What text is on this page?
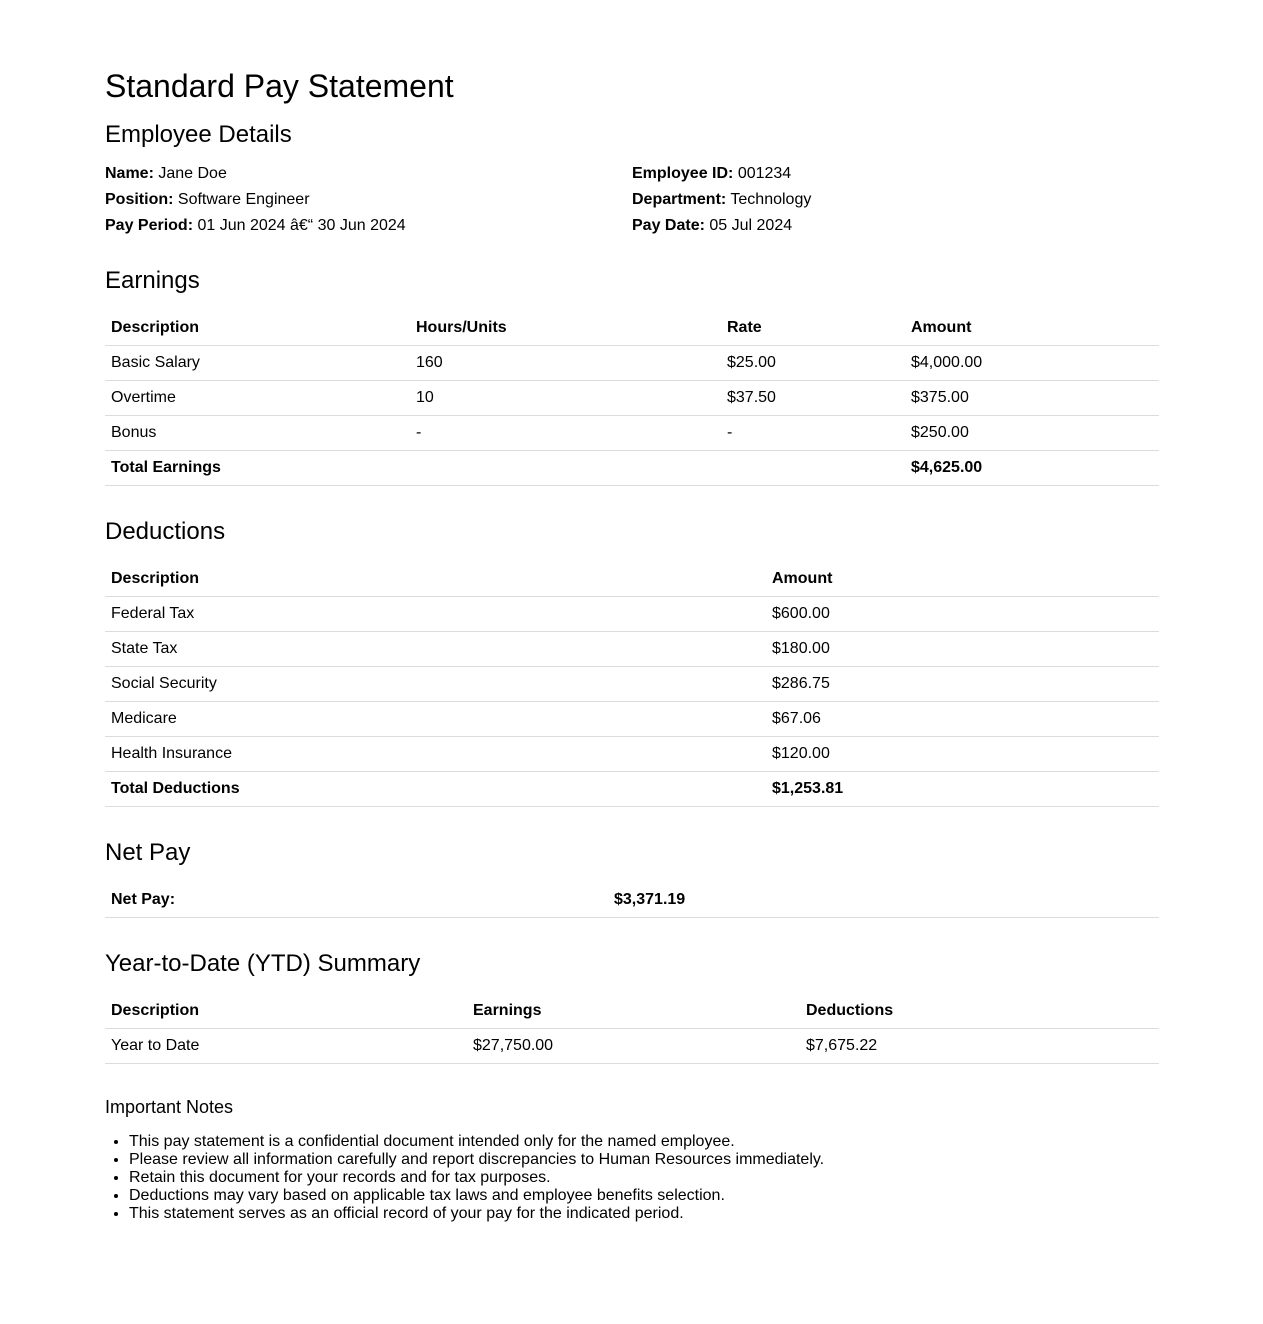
Standard Pay Statement
Employee Details
Name: Jane Doe
Position: Software Engineer
Pay Period: 01 Jun 2024 â€“ 30 Jun 2024
Employee ID: 001234
Department: Technology
Pay Date: 05 Jul 2024
Earnings
Description	Hours/Units	Rate	Amount
Basic Salary	160	$25.00	$4,000.00
Overtime	10	$37.50	$375.00
Bonus	-	-	$250.00
Total Earnings			$4,625.00
Deductions
Description	Amount
Federal Tax	$600.00
State Tax	$180.00
Social Security	$286.75
Medicare	$67.06
Health Insurance	$120.00
Total Deductions	$1,253.81
Net Pay
Net Pay:	$3,371.19
Year-to-Date (YTD) Summary
Description	Earnings	Deductions
Year to Date	$27,750.00	$7,675.22
Important Notes
• This pay statement is a confidential document intended only for the named employee.
• Please review all information carefully and report discrepancies to Human Resources immediately.
• Retain this document for your records and for tax purposes.
• Deductions may vary based on applicable tax laws and employee benefits selection.
• This statement serves as an official record of your pay for the indicated period.
